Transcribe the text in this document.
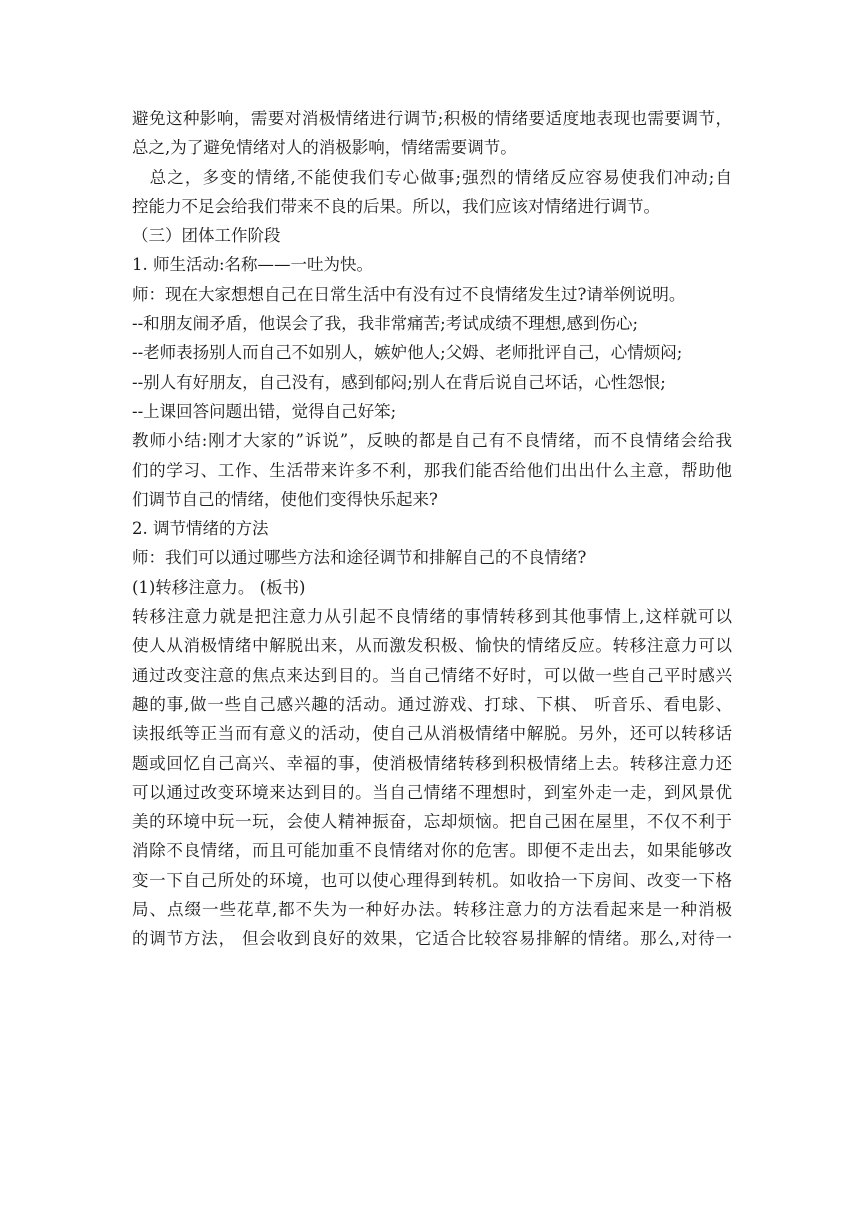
避免这种影响，需要对消极情绪进行调节;积极的情绪要适度地表现也需要调节，
总之,为了避免情绪对人的消极影响，情绪需要调节。
　总之，多变的情绪,不能使我们专心做事;强烈的情绪反应容易使我们冲动;自
控能力不足会给我们带来不良的后果。所以，我们应该对情绪进行调节。
（三）团体工作阶段
1. 师生活动:名称——一吐为快。
师：现在大家想想自己在日常生活中有没有过不良情绪发生过?请举例说明。
--和朋友闹矛盾，他误会了我，我非常痛苦;考试成绩不理想,感到伤心;
--老师表扬别人而自己不如别人，嫉妒他人;父姆、老师批评自己，心情烦闷;
--别人有好朋友，自己没有，感到郁闷;别人在背后说自己坏话，心性怨恨;
--上课回答问题出错，觉得自己好笨;
教师小结:刚才大家的”诉说”，反映的都是自己有不良情绪，而不良情绪会给我
们的学习、工作、生活带来许多不利，那我们能否给他们出出什么主意，帮助他
们调节自己的情绪，使他们变得快乐起来?
2. 调节情绪的方法
师：我们可以通过哪些方法和途径调节和排解自己的不良情绪?
(1)转移注意力。 (板书)
转移注意力就是把注意力从引起不良情绪的事情转移到其他事情上,这样就可以
使人从消极情绪中解脱出来，从而激发积极、愉快的情绪反应。转移注意力可以
通过改变注意的焦点来达到目的。当自己情绪不好时，可以做一些自己平时感兴
趣的事,做一些自己感兴趣的活动。通过游戏、打球、下棋、 听音乐、看电影、
读报纸等正当而有意义的活动，使自己从消极情绪中解脱。另外，还可以转移话
题或回忆自己高兴、幸福的事，使消极情绪转移到积极情绪上去。转移注意力还
可以通过改变环境来达到目的。当自己情绪不理想时，到室外走一走，到风景优
美的环境中玩一玩，会使人精神振奋，忘却烦恼。把自己困在屋里，不仅不利于
消除不良情绪，而且可能加重不良情绪对你的危害。即便不走出去，如果能够改
变一下自己所处的环境，也可以使心理得到转机。如收拾一下房间、改变一下格
局、点缀一些花草,都不失为一种好办法。转移注意力的方法看起来是一种消极
的调节方法， 但会收到良好的效果，它适合比较容易排解的情绪。那么,对待一
